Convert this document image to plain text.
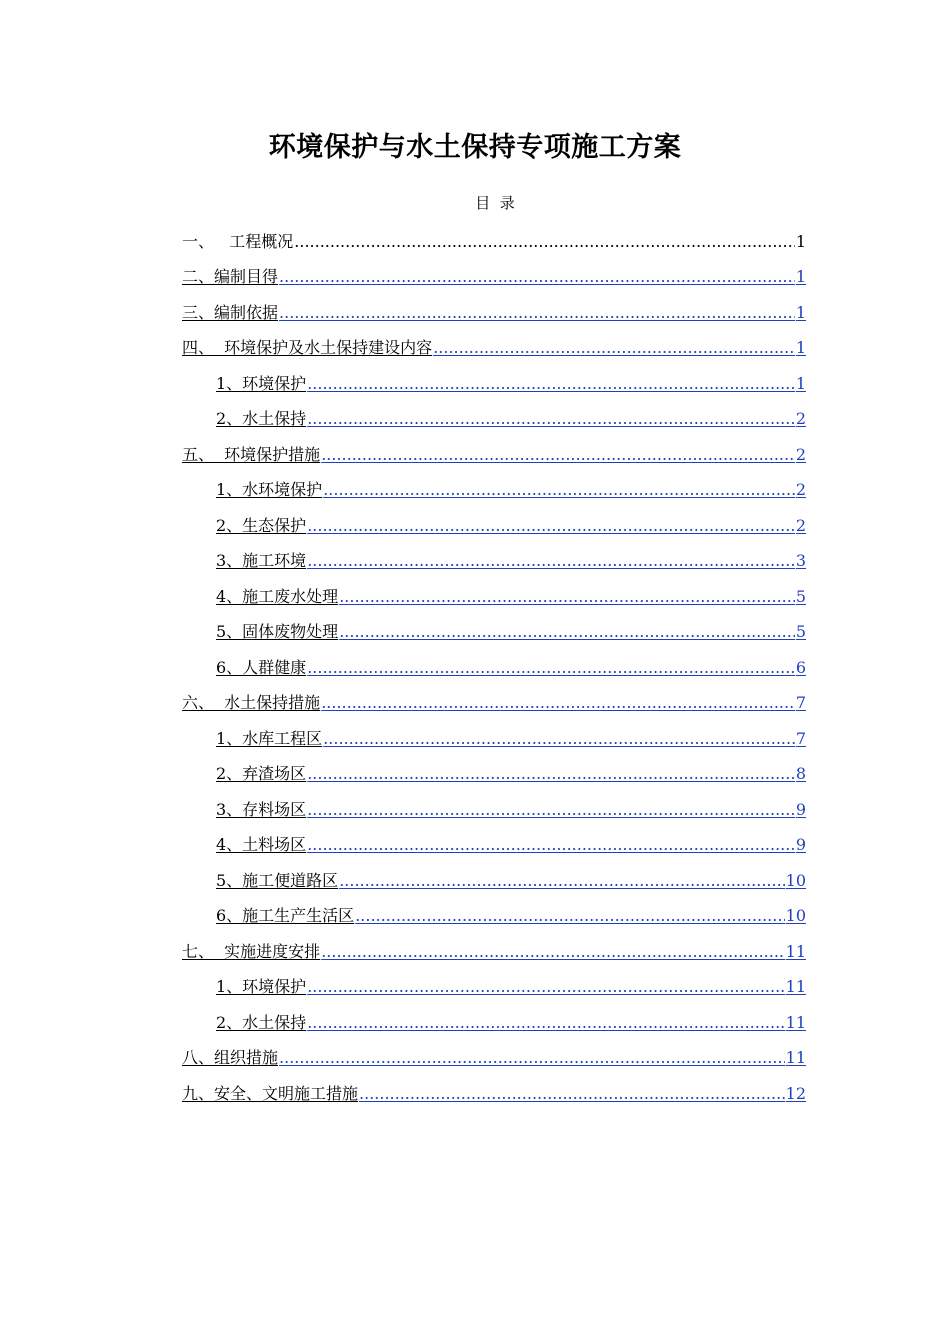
环境保护与水土保持专项施工方案
目  录
一、   工程概况 .....	1
二、编制目得 .....	1
三、编制依据 .....	1
四、  环境保护及水土保持建设内容 .....	1
1、环境保护 .....	1
2、水土保持 .....	2
五、  环境保护措施 .....	2
1、水环境保护 .....	2
2、生态保护 .....	2
3、施工环境 .....	3
4、施工废水处理 .....	5
5、固体废物处理 .....	5
6、人群健康 .....	6
六、  水土保持措施 .....	7
1、水库工程区 .....	7
2、弃渣场区 .....	8
3、存料场区 .....	9
4、土料场区 .....	9
5、施工便道路区 .....	10
6、施工生产生活区 .....	10
七、  实施进度安排 .....	11
1、环境保护 .....	11
2、水土保持 .....	11
八、组织措施 .....	11
九、安全、文明施工措施 .....	12
